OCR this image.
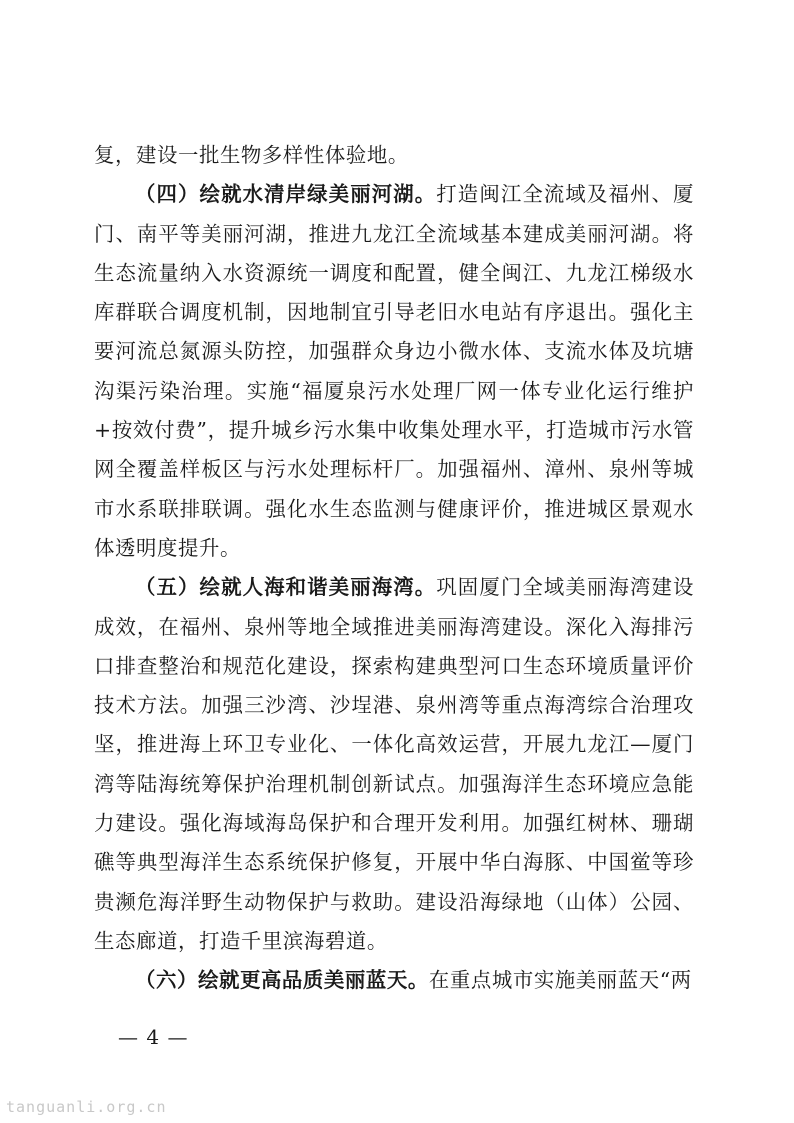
复，建设一批生物多样性体验地。

（四）绘就水清岸绿美丽河湖。打造闽江全流域及福州、厦门、南平等美丽河湖，推进九龙江全流域基本建成美丽河湖。将生态流量纳入水资源统一调度和配置，健全闽江、九龙江梯级水库群联合调度机制，因地制宜引导老旧水电站有序退出。强化主要河流总氮源头防控，加强群众身边小微水体、支流水体及坑塘沟渠污染治理。实施“福厦泉污水处理厂网一体专业化运行维护+按效付费”，提升城乡污水集中收集处理水平，打造城市污水管网全覆盖样板区与污水处理标杆厂。加强福州、漳州、泉州等城市水系联排联调。强化水生态监测与健康评价，推进城区景观水体透明度提升。

（五）绘就人海和谐美丽海湾。巩固厦门全域美丽海湾建设成效，在福州、泉州等地全域推进美丽海湾建设。深化入海排污口排查整治和规范化建设，探索构建典型河口生态环境质量评价技术方法。加强三沙湾、沙埕港、泉州湾等重点海湾综合治理攻坚，推进海上环卫专业化、一体化高效运营，开展九龙江—厦门湾等陆海统筹保护治理机制创新试点。加强海洋生态环境应急能力建设。强化海域海岛保护和合理开发利用。加强红树林、珊瑚礁等典型海洋生态系统保护修复，开展中华白海豚、中国鲎等珍贵濒危海洋野生动物保护与救助。建设沿海绿地（山体）公园、生态廊道，打造千里滨海碧道。

（六）绘就更高品质美丽蓝天。在重点城市实施美丽蓝天“两

— 4 —
tanguanli.org.cn
